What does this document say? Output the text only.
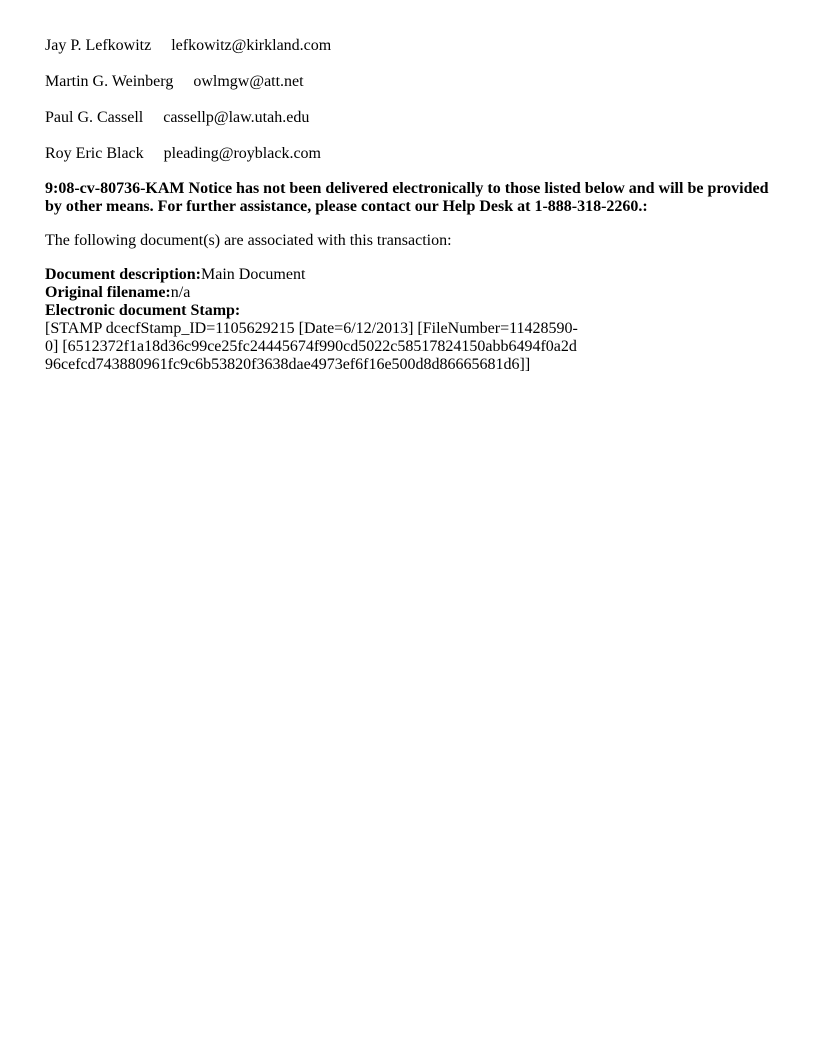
Jay P. Lefkowitz lefkowitz@kirkland.com
Martin G. Weinberg owlmgw@att.net
Paul G. Cassell cassellp@law.utah.edu
Roy Eric Black pleading@royblack.com
9:08-cv-80736-KAM Notice has not been delivered electronically to those listed below and will be provided by other means. For further assistance, please contact our Help Desk at 1-888-318-2260.:
The following document(s) are associated with this transaction:
Document description:Main Document
Original filename:n/a
Electronic document Stamp:
[STAMP dcecfStamp_ID=1105629215 [Date=6/12/2013] [FileNumber=11428590-
0] [6512372f1a18d36c99ce25fc24445674f990cd5022c58517824150abb6494f0a2d
96cefcd743880961fc9c6b53820f3638dae4973ef6f16e500d8d86665681d6]]
